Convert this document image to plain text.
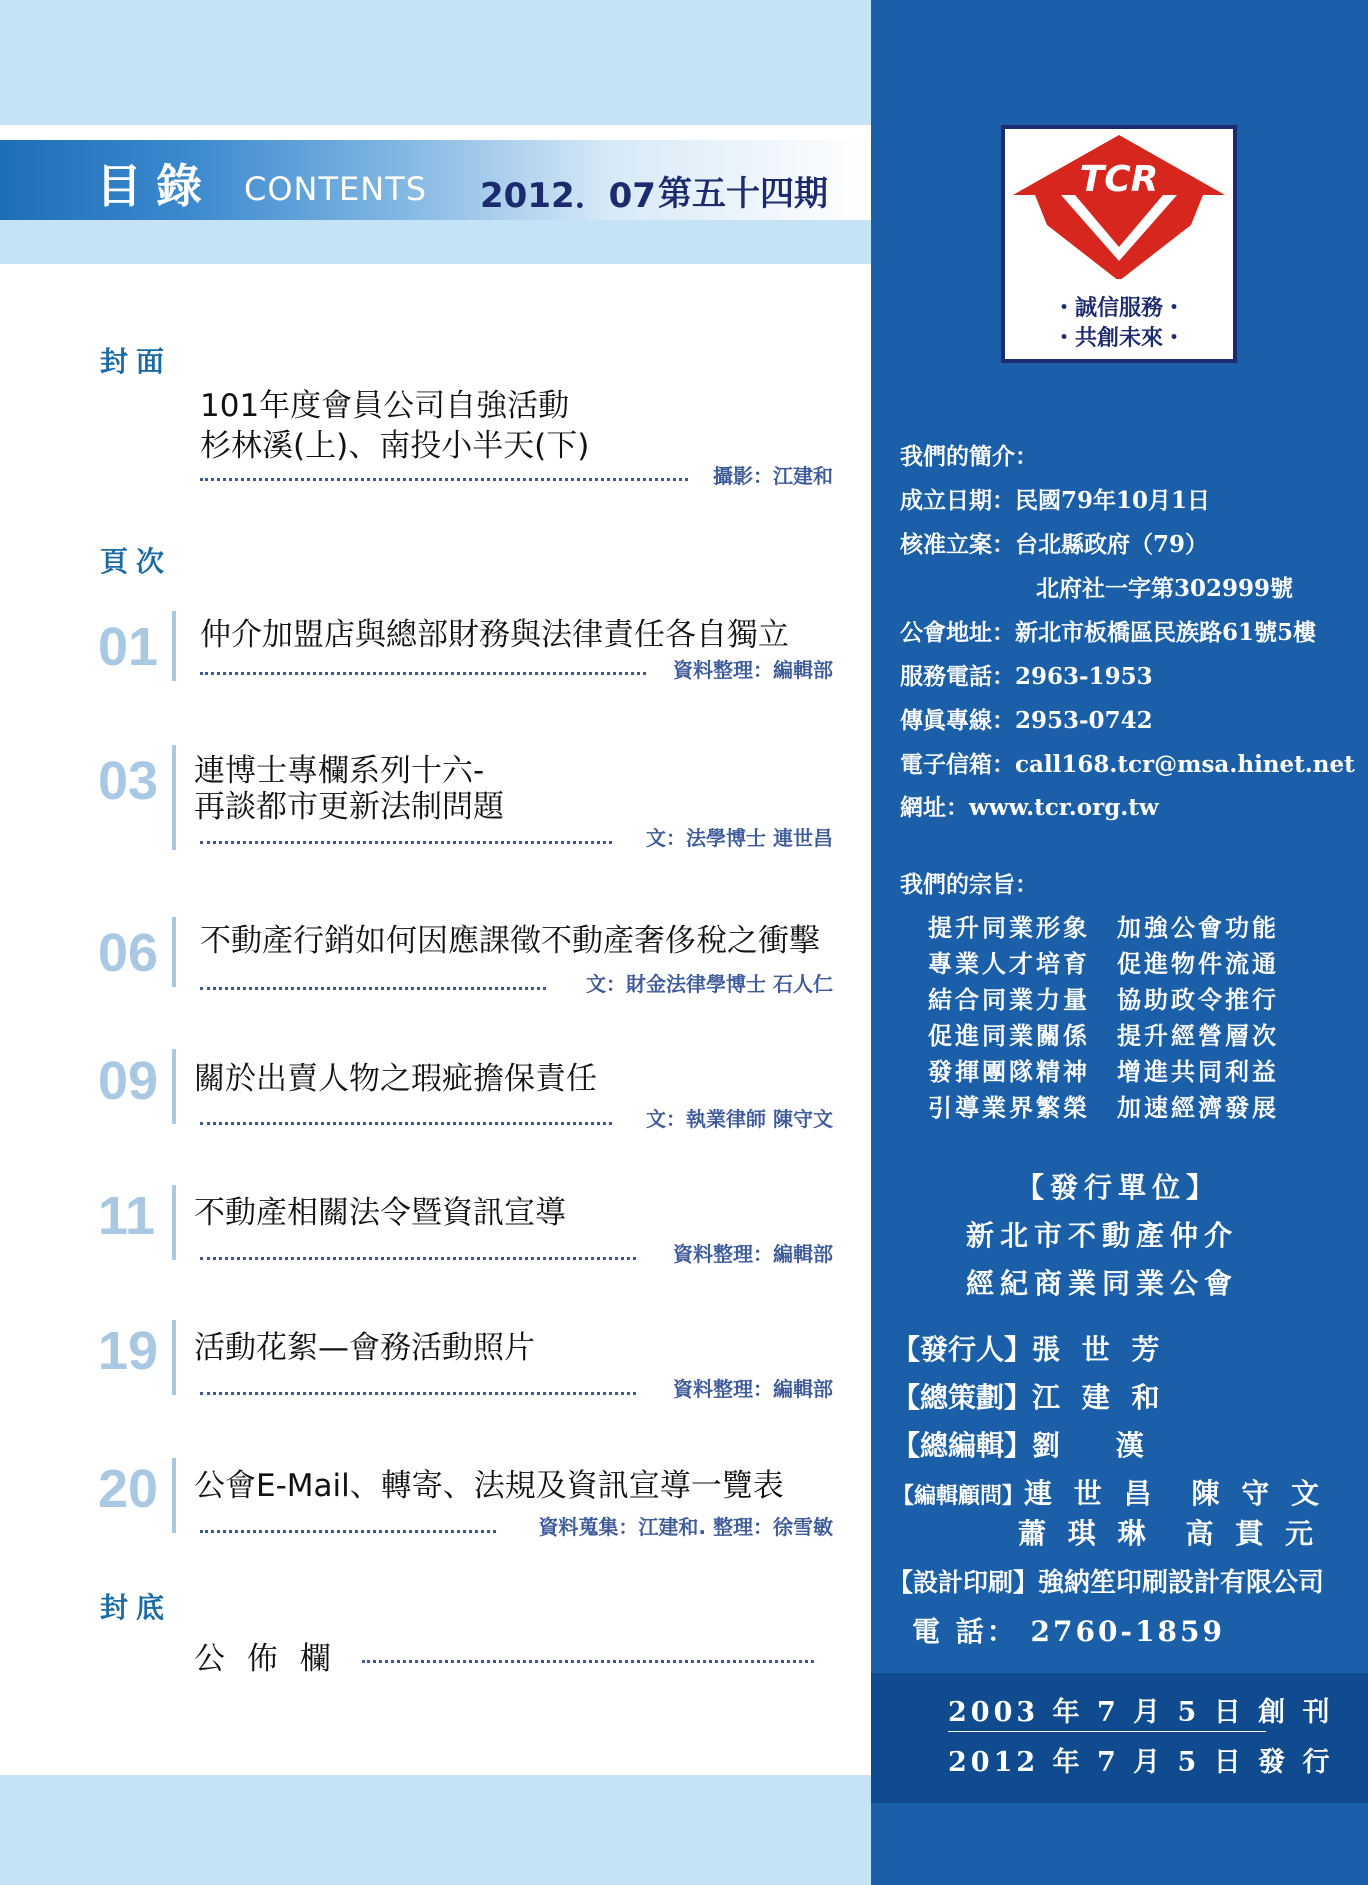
目錄 CONTENTS 2012．07 第五十四期
封面
101年度會員公司自強活動
杉林溪(上)、南投小半天(下)
攝影：江建和
頁次
01 仲介加盟店與總部財務與法律責任各自獨立
資料整理：編輯部
03 連博士專欄系列十六-
再談都市更新法制問題
文：法學博士 連世昌
06 不動產行銷如何因應課徵不動產奢侈稅之衝擊
文：財金法律學博士 石人仁
09 關於出賣人物之瑕疵擔保責任
文：執業律師 陳守文
11 不動產相關法令暨資訊宣導
資料整理：編輯部
19 活動花絮—會務活動照片
資料整理：編輯部
20 公會E-Mail、轉寄、法規及資訊宣導一覽表
資料蒐集：江建和. 整理：徐雪敏
封底
公 佈 欄
TCR
・誠信服務・
・共創未來・
我們的簡介：
成立日期：民國79年10月1日
核准立案：台北縣政府（79）
北府社一字第302999號
公會地址：新北市板橋區民族路61號5樓
服務電話：2963-1953
傳眞專線：2953-0742
電子信箱：call168.tcr@msa.hinet.net
網址：www.tcr.org.tw
我們的宗旨：
提升同業形象　加強公會功能
專業人才培育　促進物件流通
結合同業力量　協助政令推行
促進同業關係　提升經營層次
發揮團隊精神　增進共同利益
引導業界繁榮　加速經濟發展
【發行單位】
新北市不動產仲介
經紀商業同業公會
【發行人】張 世 芳
【總策劃】江 建 和
【總編輯】劉　 漢
【編輯顧問】連 世 昌　陳 守 文
蕭 琪 琳　高 貫 元
【設計印刷】強納笙印刷設計有限公司
電 話： 2760-1859
2003 年 7 月 5 日 創 刊
2012 年 7 月 5 日 發 行
